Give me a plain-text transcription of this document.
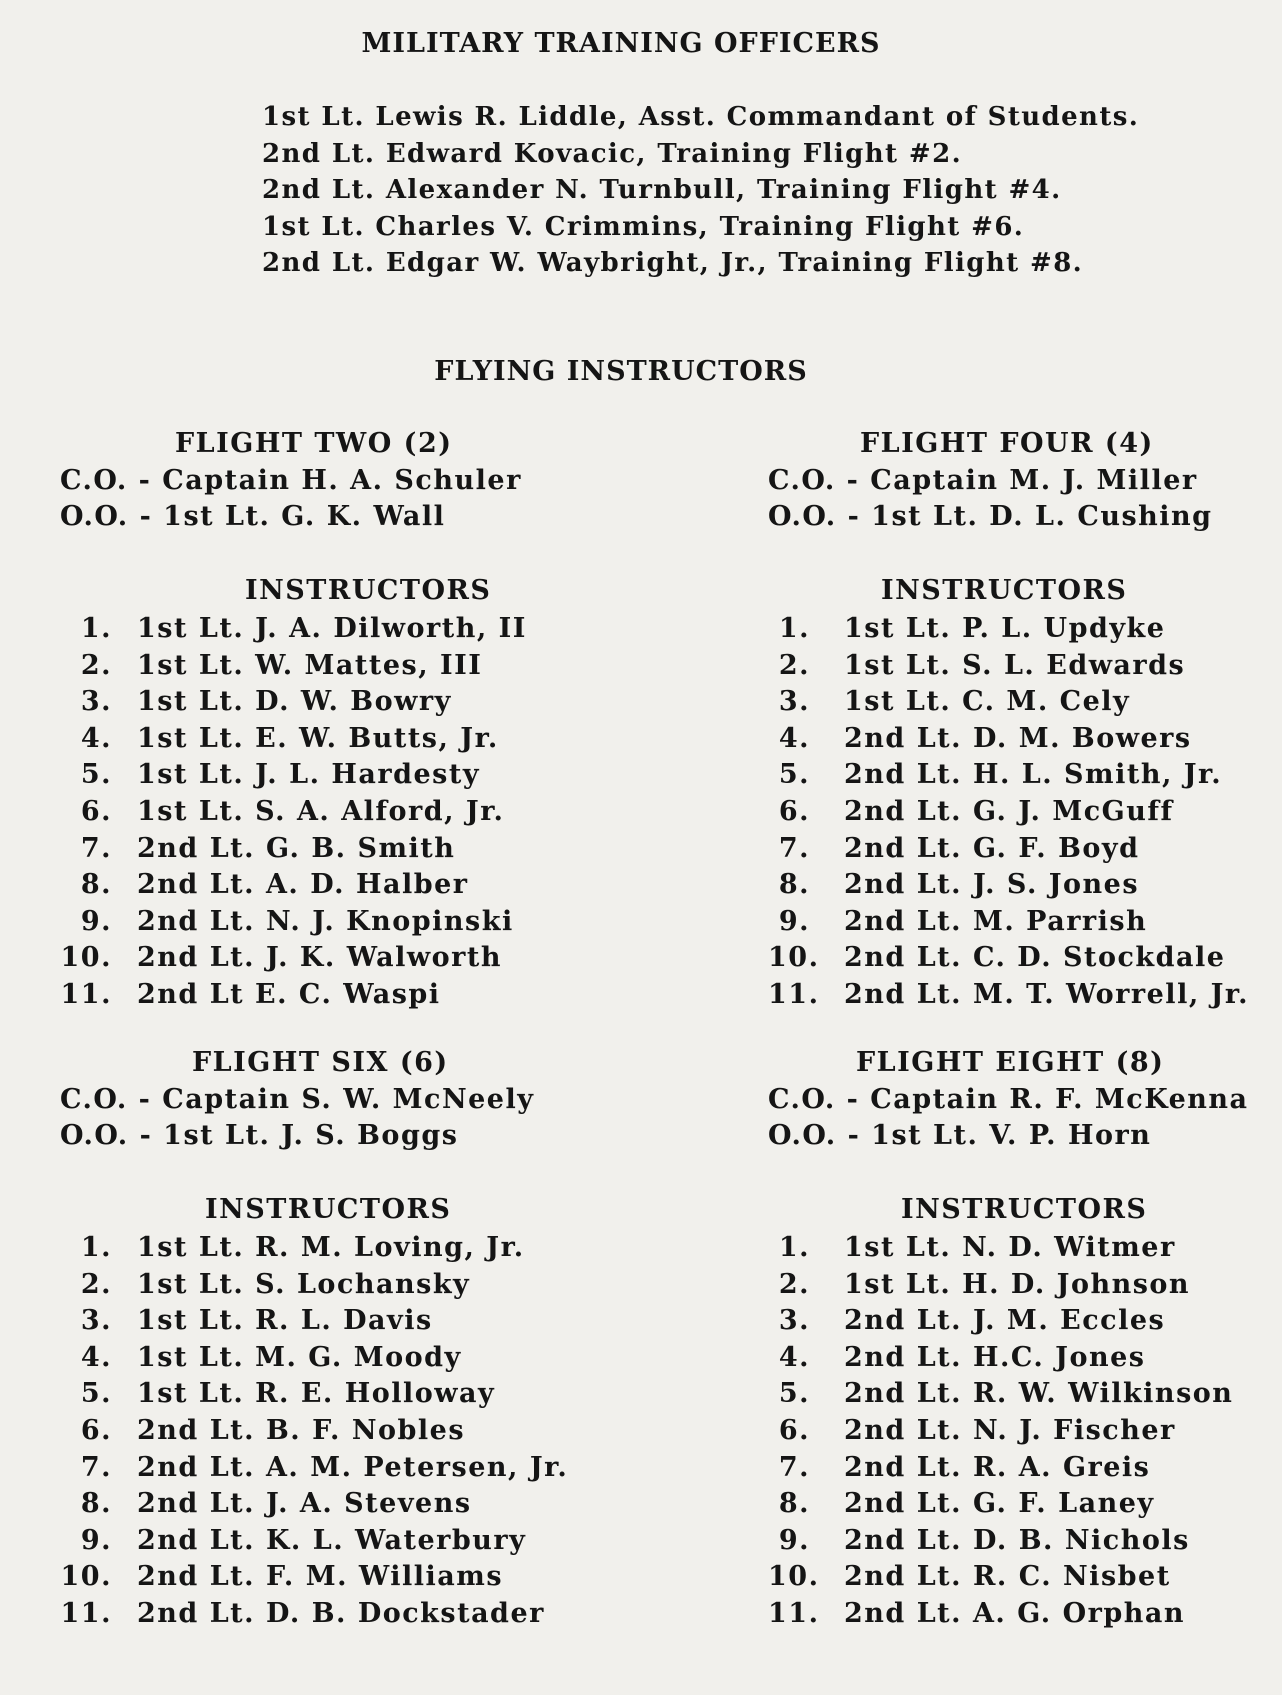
MILITARY TRAINING OFFICERS
1st Lt. Lewis R. Liddle, Asst. Commandant of Students.
2nd Lt. Edward Kovacic, Training Flight #2.
2nd Lt. Alexander N. Turnbull, Training Flight #4.
1st Lt. Charles V. Crimmins, Training Flight #6.
2nd Lt. Edgar W. Waybright, Jr., Training Flight #8.
FLYING INSTRUCTORS
FLIGHT TWO (2)
C.O. - Captain H. A. Schuler
O.O. - 1st Lt. G. K. Wall
INSTRUCTORS
1. 1st Lt. J. A. Dilworth, II
2. 1st Lt. W. Mattes, III
3. 1st Lt. D. W. Bowry
4. 1st Lt. E. W. Butts, Jr.
5. 1st Lt. J. L. Hardesty
6. 1st Lt. S. A. Alford, Jr.
7. 2nd Lt. G. B. Smith
8. 2nd Lt. A. D. Halber
9. 2nd Lt. N. J. Knopinski
10. 2nd Lt. J. K. Walworth
11. 2nd Lt E. C. Waspi
FLIGHT FOUR (4)
C.O. - Captain M. J. Miller
O.O. - 1st Lt. D. L. Cushing
INSTRUCTORS
1. 1st Lt. P. L. Updyke
2. 1st Lt. S. L. Edwards
3. 1st Lt. C. M. Cely
4. 2nd Lt. D. M. Bowers
5. 2nd Lt. H. L. Smith, Jr.
6. 2nd Lt. G. J. McGuff
7. 2nd Lt. G. F. Boyd
8. 2nd Lt. J. S. Jones
9. 2nd Lt. M. Parrish
10. 2nd Lt. C. D. Stockdale
11. 2nd Lt. M. T. Worrell, Jr.
FLIGHT SIX (6)
C.O. - Captain S. W. McNeely
O.O. - 1st Lt. J. S. Boggs
INSTRUCTORS
1. 1st Lt. R. M. Loving, Jr.
2. 1st Lt. S. Lochansky
3. 1st Lt. R. L. Davis
4. 1st Lt. M. G. Moody
5. 1st Lt. R. E. Holloway
6. 2nd Lt. B. F. Nobles
7. 2nd Lt. A. M. Petersen, Jr.
8. 2nd Lt. J. A. Stevens
9. 2nd Lt. K. L. Waterbury
10. 2nd Lt. F. M. Williams
11. 2nd Lt. D. B. Dockstader
FLIGHT EIGHT (8)
C.O. - Captain R. F. McKenna
O.O. - 1st Lt. V. P. Horn
INSTRUCTORS
1. 1st Lt. N. D. Witmer
2. 1st Lt. H. D. Johnson
3. 2nd Lt. J. M. Eccles
4. 2nd Lt. H.C. Jones
5. 2nd Lt. R. W. Wilkinson
6. 2nd Lt. N. J. Fischer
7. 2nd Lt. R. A. Greis
8. 2nd Lt. G. F. Laney
9. 2nd Lt. D. B. Nichols
10. 2nd Lt. R. C. Nisbet
11. 2nd Lt. A. G. Orphan
